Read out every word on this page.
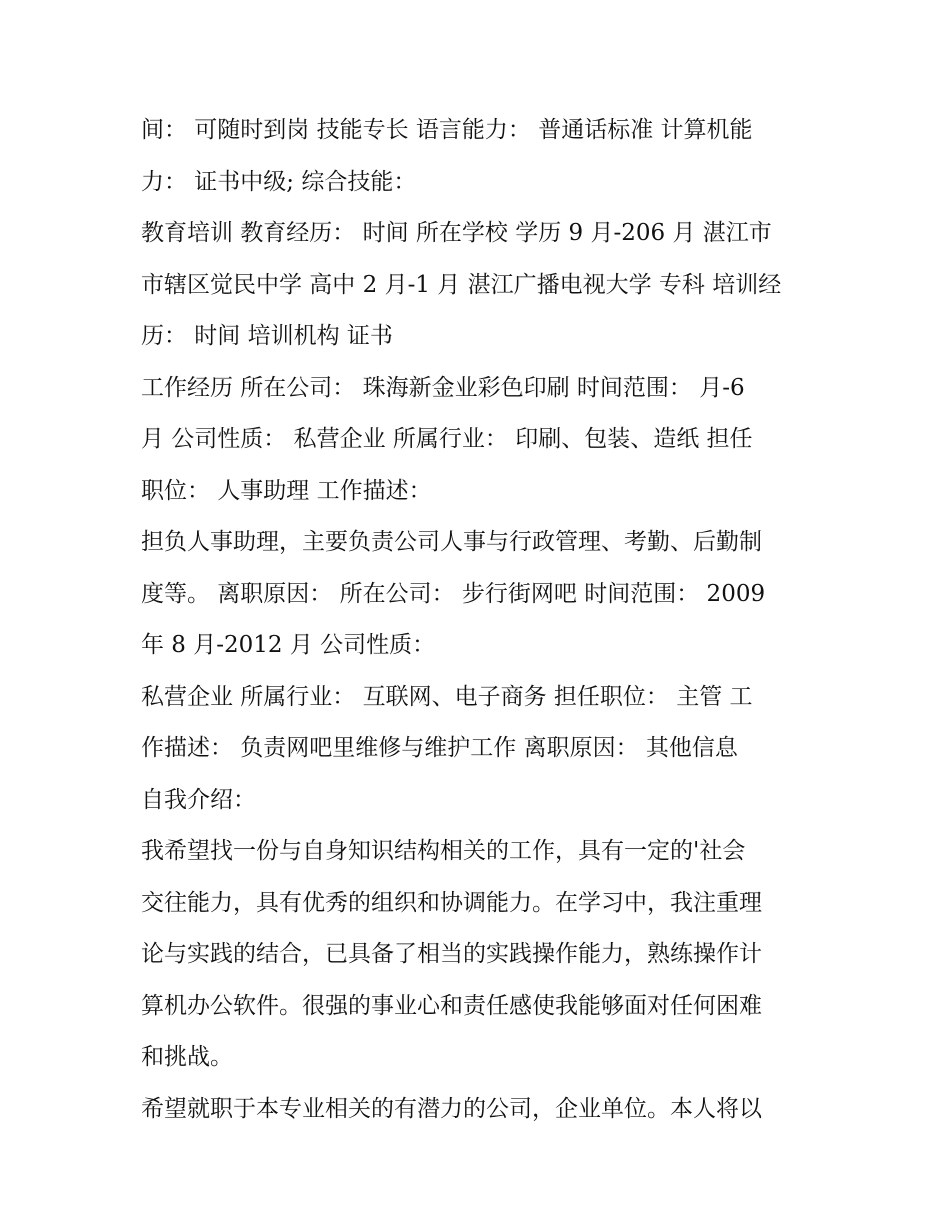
间： 可随时到岗 技能专长 语言能力： 普通话标准 计算机能
力： 证书中级; 综合技能：
教育培训 教育经历： 时间 所在学校 学历 9 月-206 月 湛江市
市辖区觉民中学 高中 2 月-1 月 湛江广播电视大学 专科 培训经
历： 时间 培训机构 证书
工作经历 所在公司： 珠海新金业彩色印刷 时间范围： 月-6
月 公司性质： 私营企业 所属行业： 印刷、包装、造纸 担任
职位： 人事助理 工作描述：
担负人事助理，主要负责公司人事与行政管理、考勤、后勤制
度等。 离职原因： 所在公司： 步行街网吧 时间范围： 2009
年 8 月-2012 月 公司性质：
私营企业 所属行业： 互联网、电子商务 担任职位： 主管 工
作描述： 负责网吧里维修与维护工作 离职原因： 其他信息
自我介绍：
我希望找一份与自身知识结构相关的工作，具有一定的'社会
交往能力，具有优秀的组织和协调能力。在学习中，我注重理
论与实践的结合，已具备了相当的实践操作能力，熟练操作计
算机办公软件。很强的事业心和责任感使我能够面对任何困难
和挑战。
希望就职于本专业相关的有潜力的公司，企业单位。本人将以
